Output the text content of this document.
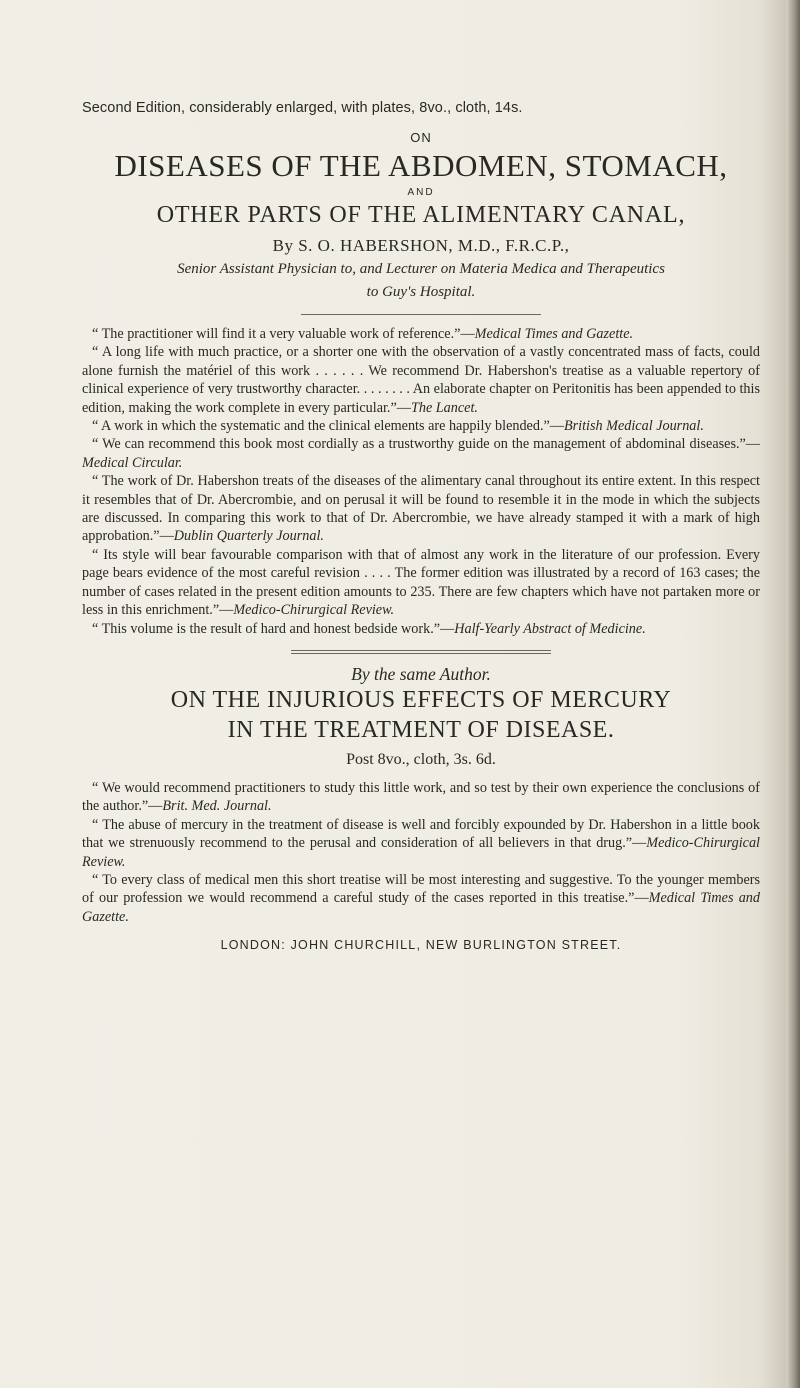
Second Edition, considerably enlarged, with plates, 8vo., cloth, 14s.
ON
DISEASES OF THE ABDOMEN, STOMACH,
AND
OTHER PARTS OF THE ALIMENTARY CANAL,
By S. O. HABERSHON, M.D., F.R.C.P.,
Senior Assistant Physician to, and Lecturer on Materia Medica and Therapeutics
to Guy's Hospital.

“ The practitioner will find it a very valuable work of reference.”—Medical Times and Gazette.

“ A long life with much practice, or a shorter one with the observation of a vastly concentrated mass of facts, could alone furnish the matériel of this work . . . . . . We recommend Dr. Habershon's treatise as a valuable repertory of clinical experience of very trustworthy character. . . . . . . . An elaborate chapter on Peritonitis has been appended to this edition, making the work complete in every particular.”—The Lancet.

“ A work in which the systematic and the clinical elements are happily blended.”—British Medical Journal.

“ We can recommend this book most cordially as a trustworthy guide on the management of abdominal diseases.”—Medical Circular.

“ The work of Dr. Habershon treats of the diseases of the alimentary canal throughout its entire extent. In this respect it resembles that of Dr. Abercrombie, and on perusal it will be found to resemble it in the mode in which the subjects are discussed. In comparing this work to that of Dr. Abercrombie, we have already stamped it with a mark of high approbation.”—Dublin Quarterly Journal.

“ Its style will bear favourable comparison with that of almost any work in the literature of our profession. Every page bears evidence of the most careful revision . . . . The former edition was illustrated by a record of 163 cases; the number of cases related in the present edition amounts to 235. There are few chapters which have not partaken more or less in this enrichment.”—Medico-Chirurgical Review.

“ This volume is the result of hard and honest bedside work.”—Half-Yearly Abstract of Medicine.

By the same Author.
ON THE INJURIOUS EFFECTS OF MERCURY
IN THE TREATMENT OF DISEASE.
Post 8vo., cloth, 3s. 6d.

“ We would recommend practitioners to study this little work, and so test by their own experience the conclusions of the author.”—Brit. Med. Journal.

“ The abuse of mercury in the treatment of disease is well and forcibly expounded by Dr. Habershon in a little book that we strenuously recommend to the perusal and consideration of all believers in that drug.”—Medico-Chirurgical Review.

“ To every class of medical men this short treatise will be most interesting and suggestive. To the younger members of our profession we would recommend a careful study of the cases reported in this treatise.”—Medical Times and Gazette.

LONDON: JOHN CHURCHILL, NEW BURLINGTON STREET.
